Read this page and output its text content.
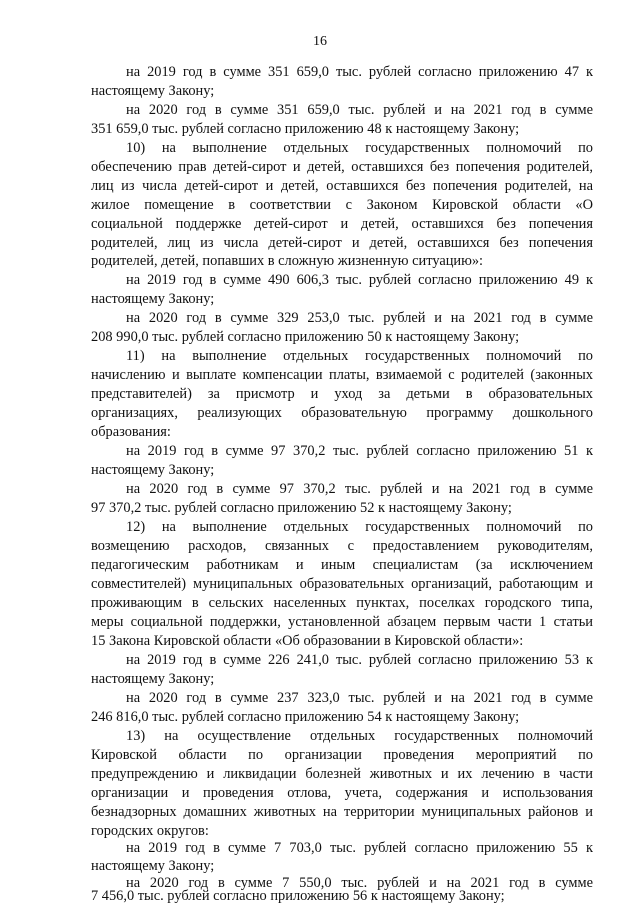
16
на 2019 год в сумме 351 659,0 тыс. рублей согласно приложению 47 к
настоящему Закону;
на 2020 год в сумме 351 659,0 тыс. рублей и на 2021 год в сумме
351 659,0 тыс. рублей согласно приложению 48 к настоящему Закону;
10) на выполнение отдельных государственных полномочий по
обеспечению прав детей-сирот и детей, оставшихся без попечения родителей,
лиц из числа детей-сирот и детей, оставшихся без попечения родителей, на
жилое помещение в соответствии с Законом Кировской области «О
социальной поддержке детей-сирот и детей, оставшихся без попечения
родителей, лиц из числа детей-сирот и детей, оставшихся без попечения
родителей, детей, попавших в сложную жизненную ситуацию»:
на 2019 год в сумме 490 606,3 тыс. рублей согласно приложению 49 к
настоящему Закону;
на 2020 год в сумме 329 253,0 тыс. рублей и на 2021 год в сумме
208 990,0 тыс. рублей согласно приложению 50 к настоящему Закону;
11) на выполнение отдельных государственных полномочий по
начислению и выплате компенсации платы, взимаемой с родителей (законных
представителей) за присмотр и уход за детьми в образовательных
организациях, реализующих образовательную программу дошкольного
образования:
на 2019 год в сумме 97 370,2 тыс. рублей согласно приложению 51 к
настоящему Закону;
на 2020 год в сумме 97 370,2 тыс. рублей и на 2021 год в сумме
97 370,2 тыс. рублей согласно приложению 52 к настоящему Закону;
12) на выполнение отдельных государственных полномочий по
возмещению расходов, связанных с предоставлением руководителям,
педагогическим работникам и иным специалистам (за исключением
совместителей) муниципальных образовательных организаций, работающим и
проживающим в сельских населенных пунктах, поселках городского типа,
меры социальной поддержки, установленной абзацем первым части 1 статьи
15 Закона Кировской области «Об образовании в Кировской области»:
на 2019 год в сумме 226 241,0 тыс. рублей согласно приложению 53 к
настоящему Закону;
на 2020 год в сумме 237 323,0 тыс. рублей и на 2021 год в сумме
246 816,0 тыс. рублей согласно приложению 54 к настоящему Закону;
13) на осуществление отдельных государственных полномочий
Кировской области по организации проведения мероприятий по
предупреждению и ликвидации болезней животных и их лечению в части
организации и проведения отлова, учета, содержания и использования
безнадзорных домашних животных на территории муниципальных районов и
городских округов:
на 2019 год в сумме 7 703,0 тыс. рублей согласно приложению 55 к
настоящему Закону;
на 2020 год в сумме 7 550,0 тыс. рублей и на 2021 год в сумме
7 456,0 тыс. рублей согласно приложению 56 к настоящему Закону;
